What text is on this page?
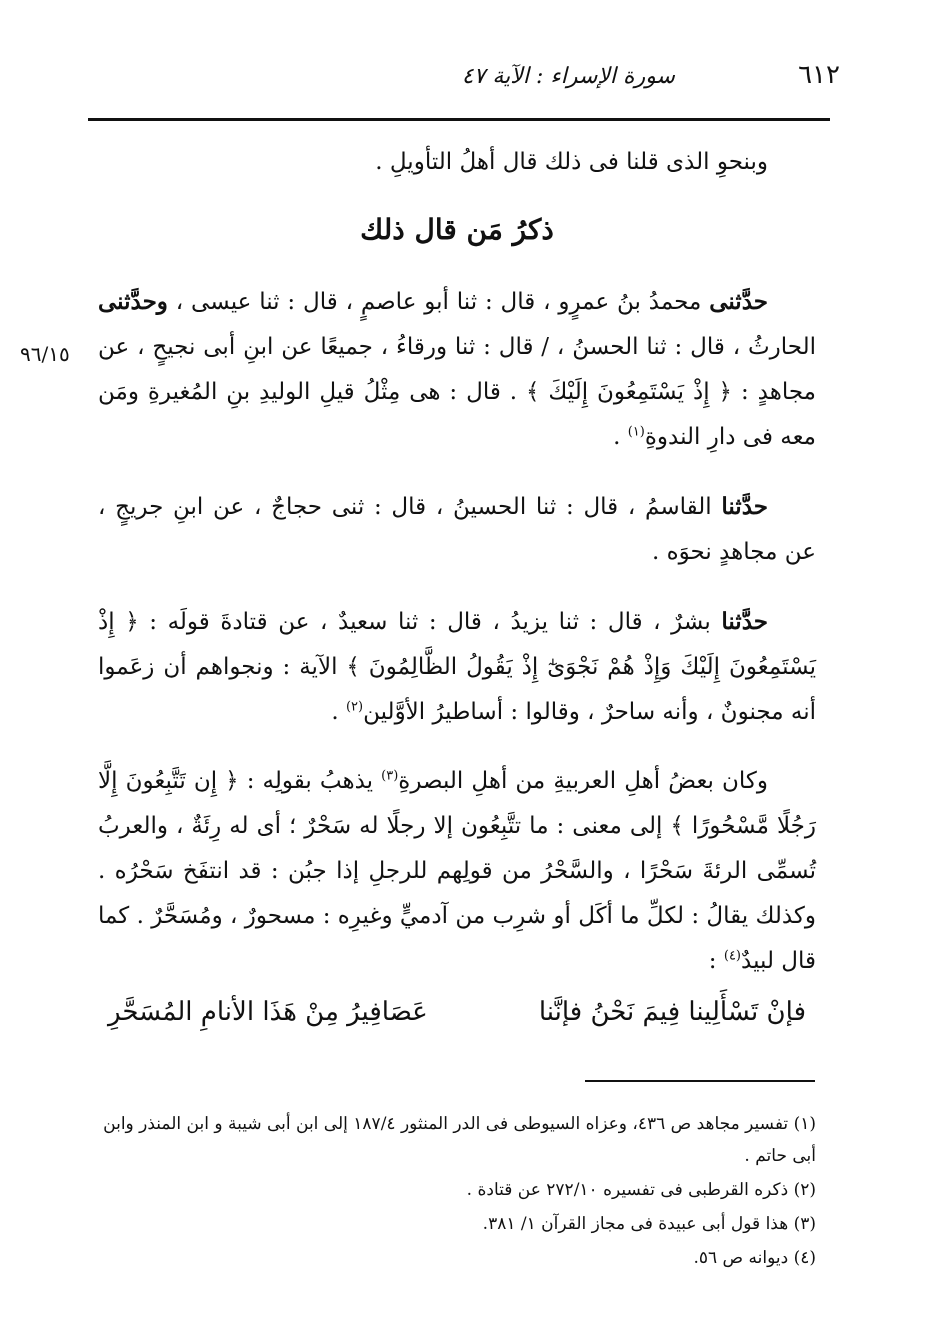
٦١٢
سورة الإسراء : الآية ٤٧
٩٦/١٥

وبنحوِ الذى قلنا فى ذلك قال أهلُ التأويلِ .

ذكرُ مَن قال ذلك

حدَّثنى محمدُ بنُ عمرٍو ، قال : ثنا أبو عاصمٍ ، قال : ثنا عيسى ، وحدَّثنى الحارثُ ، قال : ثنا الحسنُ ، / قال : ثنا ورقاءُ ، جميعًا عن ابنِ أبى نجيحٍ ، عن مجاهدٍ : ﴿ إِذْ يَسْتَمِعُونَ إِلَيْكَ ﴾ . قال : هى مِثْلُ قيلِ الوليدِ بنِ المُغيرةِ ومَن معه فى دارِ الندوةِ$^{(١)}$ .

حدَّثنا القاسمُ ، قال : ثنا الحسينُ ، قال : ثنى حجاجٌ ، عن ابنِ جريجٍ ، عن مجاهدٍ نحوَه .

حدَّثنا بشرٌ ، قال : ثنا يزيدُ ، قال : ثنا سعيدٌ ، عن قتادةَ قولَه : ﴿ إِذْ يَسْتَمِعُونَ إِلَيْكَ وَإِذْ هُمْ نَجْوَىٰٓ إِذْ يَقُولُ الظَّالِمُونَ ﴾ الآية : ونجواهم أن زعَموا أنه مجنونٌ ، وأنه ساحرٌ ، وقالوا : أساطيرُ الأوَّلين$^{(٢)}$ .

وكان بعضُ أهلِ العربيةِ من أهلِ البصرةِ$^{(٣)}$ يذهبُ بقولِه : ﴿ إِن تَتَّبِعُونَ إِلَّا رَجُلًا مَّسْحُورًا ﴾ إلى معنى : ما تتَّبِعُون إلا رجلًا له سَحْرٌ ؛ أى له رِئَةٌ ، والعربُ تُسمِّى الرئةَ سَحْرًا ، والسَّحْرُ من قولِهم للرجلِ إذا جبُن : قد انتفَخ سَحْرُه . وكذلك يقالُ : لكلِّ ما أكَل أو شرِب من آدميٍّ وغيرِه : مسحورٌ ، ومُسَحَّرٌ . كما قال لبيدٌ$^{(٤)}$ :

فإنْ تَسْأَلِينا فِيمَ نَحْنُ فإنَّنا
عَصَافِيرُ مِنْ هَذَا الأنامِ المُسَحَّرِ
(١) تفسير مجاهد ص ٤٣٦، وعزاه السيوطى فى الدر المنثور ١٨٧/٤ إلى ابن أبى شيبة و ابن المنذر وابن أبى حاتم .
(٢) ذكره القرطبى فى تفسيره ٢٧٢/١٠ عن قتادة .
(٣) هذا قول أبى عبيدة فى مجاز القرآن ١/ ٣٨١.
(٤) ديوانه ص ٥٦.
